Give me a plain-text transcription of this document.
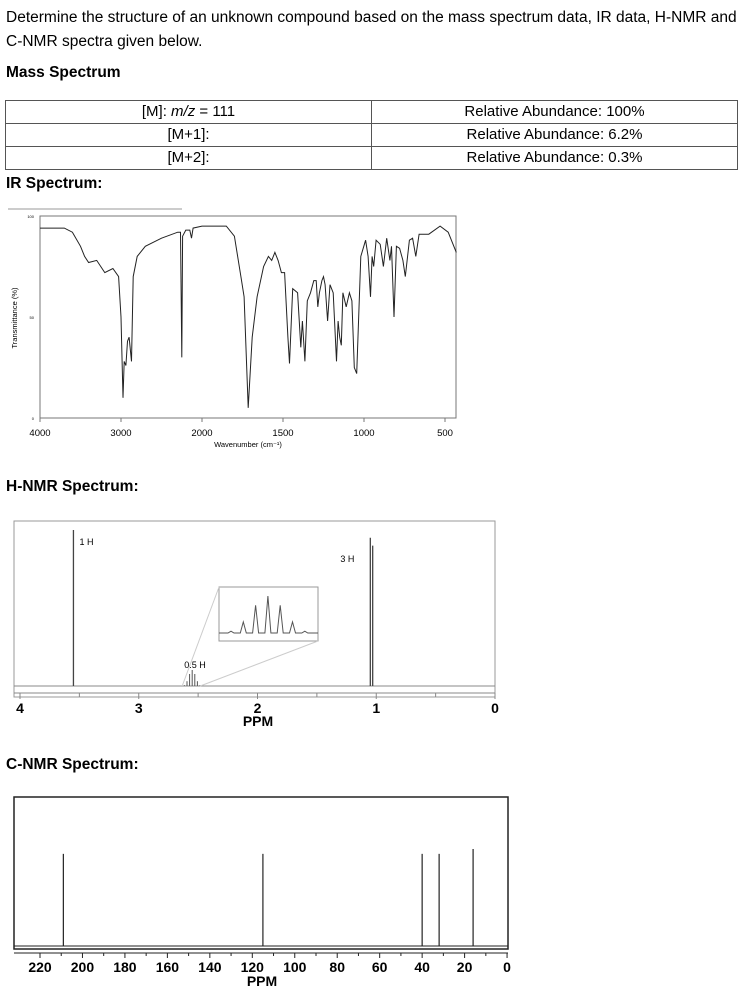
Determine the structure of an unknown compound based on the mass spectrum data, IR data, H-NMR and C-NMR spectra given below.
Mass Spectrum
[M]: m/z = 111	Relative Abundance: 100%
[M+1]:	Relative Abundance: 6.2%
[M+2]:	Relative Abundance: 0.3%
IR Spectrum:
H-NMR Spectrum:
C-NMR Spectrum:
4000	3000	2000	1500	1000	500
0
50
100
Wavenumber (cm⁻¹)
Transmittance (%)
4	3	2	1	0
PPM
1 H
3 H
0.5 H
220 200 180 160 140 120 100 80 60 40 20 0
PPM
